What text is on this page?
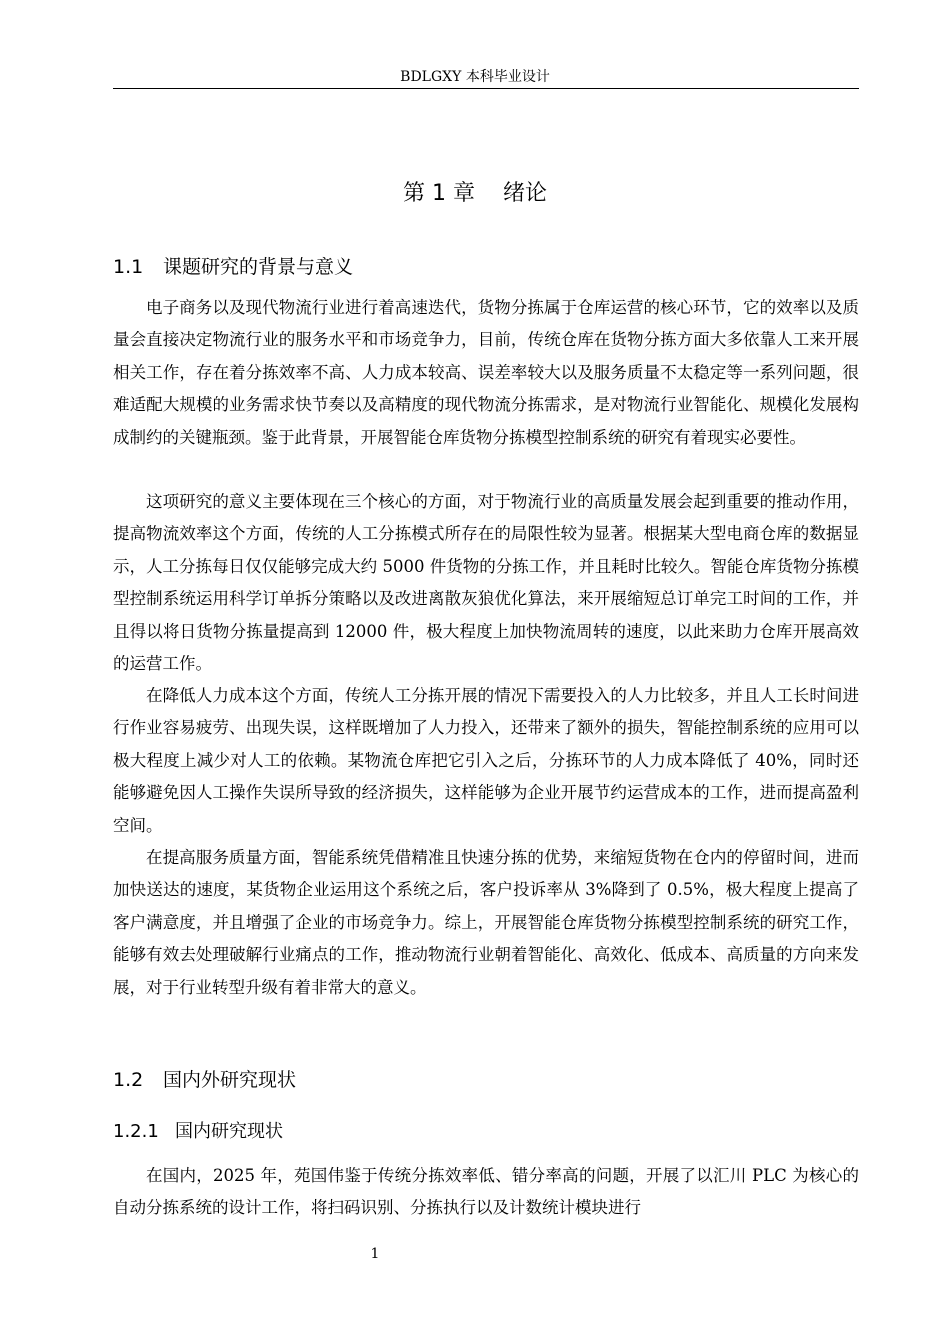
BDLGXY 本科毕业设计
第 1 章 绪论
1.1 课题研究的背景与意义

电子商务以及现代物流行业进行着高速迭代，货物分拣属于仓库运营的核心环节，它的效率以及质量会直接决定物流行业的服务水平和市场竞争力，目前，传统仓库在货物分拣方面大多依靠人工来开展相关工作，存在着分拣效率不高、人力成本较高、误差率较大以及服务质量不太稳定等一系列问题，很难适配大规模的业务需求快节奏以及高精度的现代物流分拣需求，是对物流行业智能化、规模化发展构成制约的关键瓶颈。鉴于此背景，开展智能仓库货物分拣模型控制系统的研究有着现实必要性。

这项研究的意义主要体现在三个核心的方面，对于物流行业的高质量发展会起到重要的推动作用，提高物流效率这个方面，传统的人工分拣模式所存在的局限性较为显著。根据某大型电商仓库的数据显示，人工分拣每日仅仅能够完成大约 5000 件货物的分拣工作，并且耗时比较久。智能仓库货物分拣模型控制系统运用科学订单拆分策略以及改进离散灰狼优化算法，来开展缩短总订单完工时间的工作，并且得以将日货物分拣量提高到 12000 件，极大程度上加快物流周转的速度，以此来助力仓库开展高效的运营工作。

在降低人力成本这个方面，传统人工分拣开展的情况下需要投入的人力比较多，并且人工长时间进行作业容易疲劳、出现失误，这样既增加了人力投入，还带来了额外的损失，智能控制系统的应用可以极大程度上减少对人工的依赖。某物流仓库把它引入之后，分拣环节的人力成本降低了 40%，同时还能够避免因人工操作失误所导致的经济损失，这样能够为企业开展节约运营成本的工作，进而提高盈利空间。

在提高服务质量方面，智能系统凭借精准且快速分拣的优势，来缩短货物在仓内的停留时间，进而加快送达的速度，某货物企业运用这个系统之后，客户投诉率从 3%降到了 0.5%，极大程度上提高了客户满意度，并且增强了企业的市场竞争力。综上，开展智能仓库货物分拣模型控制系统的研究工作，能够有效去处理破解行业痛点的工作，推动物流行业朝着智能化、高效化、低成本、高质量的方向来发展，对于行业转型升级有着非常大的意义。

1.2 国内外研究现状
1.2.1 国内研究现状

在国内，2025 年，苑国伟鉴于传统分拣效率低、错分率高的问题，开展了以汇川 PLC 为核心的自动分拣系统的设计工作，将扫码识别、分拣执行以及计数统计模块进行

1
